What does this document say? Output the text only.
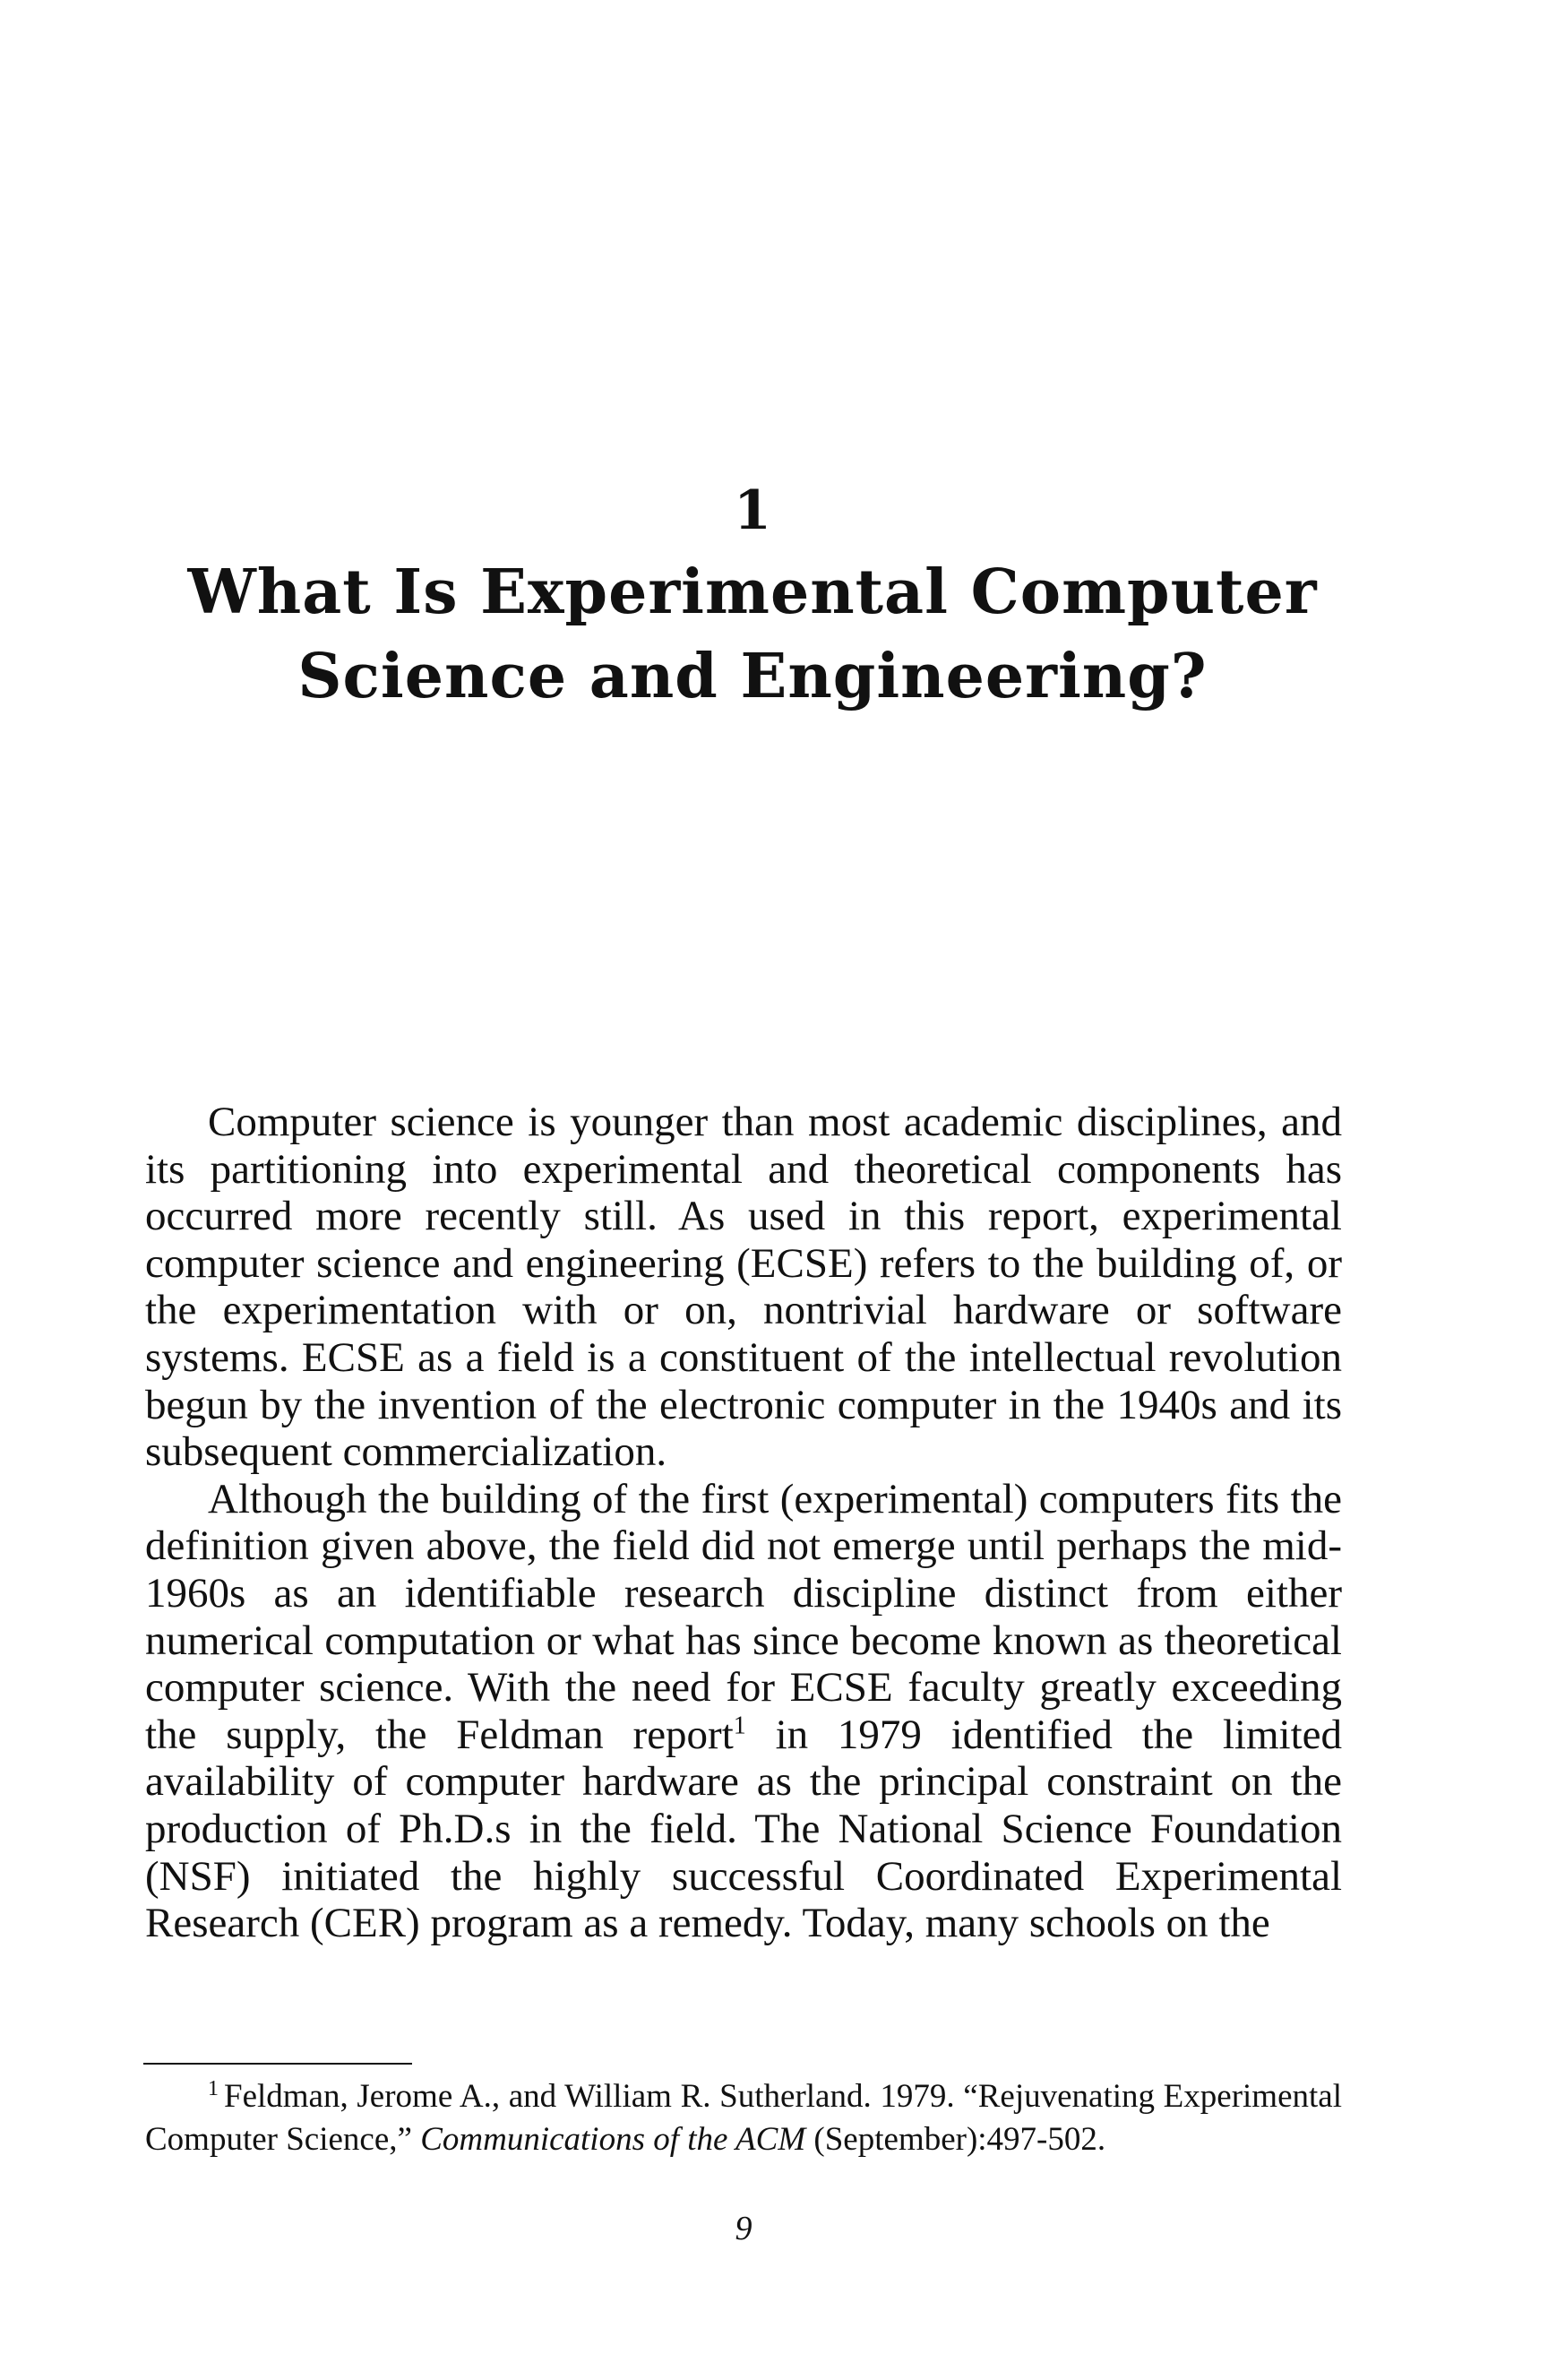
1
What Is Experimental Computer
Science and Engineering?

Computer science is younger than most academic disciplines, and its partitioning into experimental and theoretical components has occurred more recently still. As used in this report, experimental computer science and engineering (ECSE) refers to the building of, or the experimentation with or on, nontrivial hardware or software systems. ECSE as a field is a constituent of the intellectual revolution begun by the invention of the electronic computer in the 1940s and its subsequent commercialization.

Although the building of the first (experimental) computers fits the definition given above, the field did not emerge until perhaps the mid-1960s as an identifiable research discipline distinct from either numerical computation or what has since become known as theoretical computer science. With the need for ECSE faculty greatly exceeding the supply, the Feldman report$^1$ in 1979 identified the limited availability of computer hardware as the principal constraint on the production of Ph.D.s in the field. The National Science Foundation (NSF) initiated the highly successful Coordinated Experimental Research (CER) program as a remedy. Today, many schools on the

$^1$ Feldman, Jerome A., and William R. Sutherland. 1979. “Rejuvenating Experimental Computer Science,” Communications of the ACM (September):497-502.

9
